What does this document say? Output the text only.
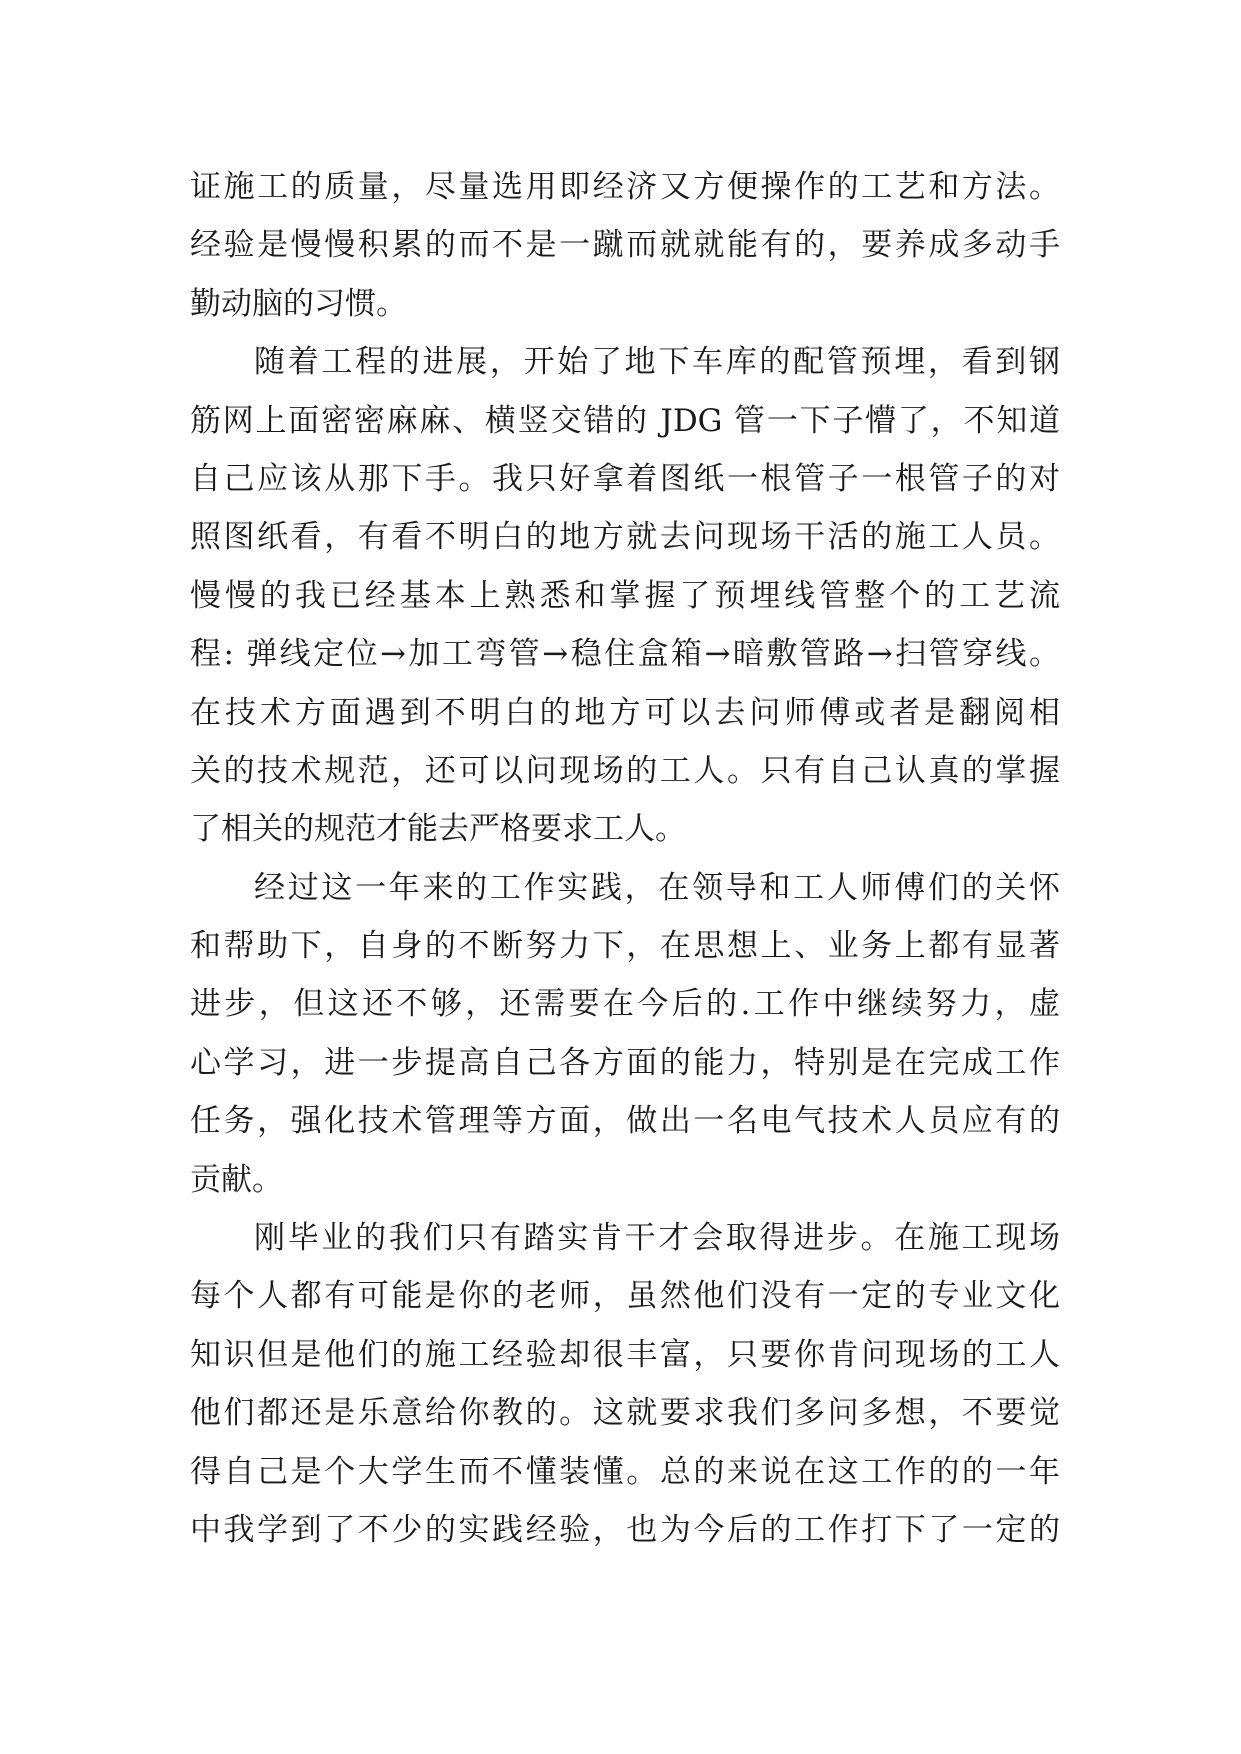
证施工的质量，尽量选用即经济又方便操作的工艺和方法。
经验是慢慢积累的而不是一蹴而就就能有的，要养成多动手
勤动脑的习惯。
随着工程的进展，开始了地下车库的配管预埋，看到钢
筋网上面密密麻麻、横竖交错的 JDG 管一下子懵了，不知道
自己应该从那下手。我只好拿着图纸一根管子一根管子的对
照图纸看，有看不明白的地方就去问现场干活的施工人员。
慢慢的我已经基本上熟悉和掌握了预埋线管整个的工艺流
程: 弹线定位→加工弯管→稳住盒箱→暗敷管路→扫管穿线。
在技术方面遇到不明白的地方可以去问师傅或者是翻阅相
关的技术规范，还可以问现场的工人。只有自己认真的掌握
了相关的规范才能去严格要求工人。
经过这一年来的工作实践，在领导和工人师傅们的关怀
和帮助下，自身的不断努力下，在思想上、业务上都有显著
进步，但这还不够，还需要在今后的.工作中继续努力，虚
心学习，进一步提高自己各方面的能力，特别是在完成工作
任务，强化技术管理等方面，做出一名电气技术人员应有的
贡献。
刚毕业的我们只有踏实肯干才会取得进步。在施工现场
每个人都有可能是你的老师，虽然他们没有一定的专业文化
知识但是他们的施工经验却很丰富，只要你肯问现场的工人
他们都还是乐意给你教的。这就要求我们多问多想，不要觉
得自己是个大学生而不懂装懂。总的来说在这工作的的一年
中我学到了不少的实践经验，也为今后的工作打下了一定的
